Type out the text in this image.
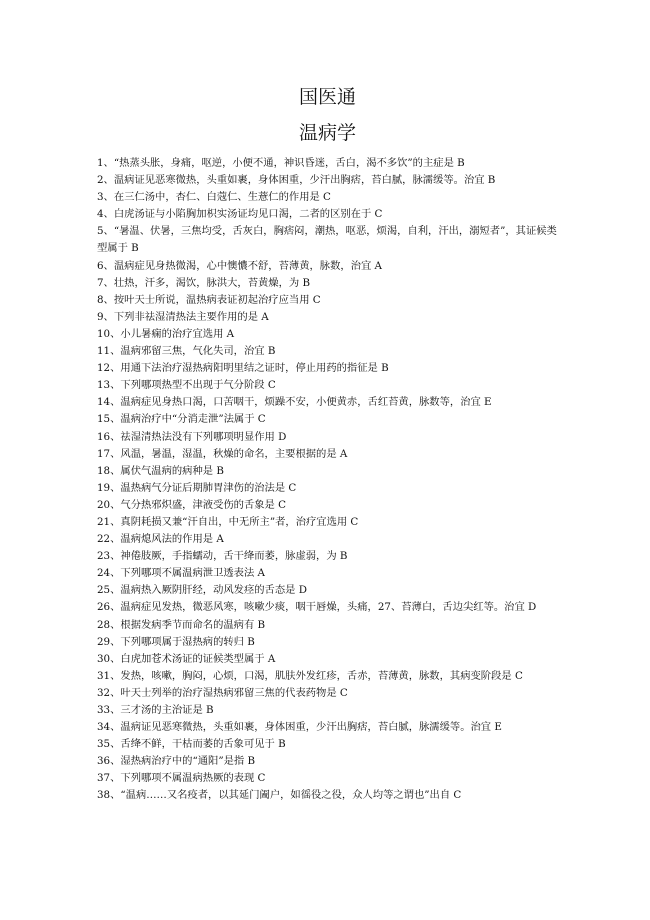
国医通
温病学
1、“热蒸头胀，身痛，呕逆，小便不通，神识昏迷，舌白，渴不多饮”的主症是 B
2、温病证见恶寒微热，头重如裹，身体困重，少汗出胸痞，苔白腻，脉濡缓等。治宜 B
3、在三仁汤中，杏仁、白蔻仁、生薏仁的作用是 C
4、白虎汤证与小陷胸加枳实汤证均见口渴，二者的区别在于 C
5、“暑温、伏暑，三焦均受，舌灰白，胸痞闷，潮热，呕恶，烦渴，自利，汗出，溺短者”，其证候类型属于 B
6、温病症见身热微渴，心中懊憹不舒，苔薄黄，脉数，治宜 A
7、壮热，汗多，渴饮，脉洪大，苔黄燥，为 B
8、按叶天士所说，温热病表证初起治疗应当用 C
9、下列非祛湿清热法主要作用的是 A
10、小儿暑痫的治疗宜选用 A
11、温病邪留三焦，气化失司，治宜 B
12、用通下法治疗湿热病阳明里结之证时，停止用药的指征是 B
13、下列哪项热型不出现于气分阶段 C
14、温病症见身热口渴，口苦咽干，烦躁不安，小便黄赤，舌红苔黄，脉数等，治宜 E
15、温病治疗中“分消走泄”法属于 C
16、祛湿清热法没有下列哪项明显作用 D
17、风温，暑温，湿温，秋燥的命名，主要根据的是 A
18、属伏气温病的病种是 B
19、温热病气分证后期肺胃津伤的治法是 C
20、气分热邪炽盛，津液受伤的舌象是 C
21、真阴耗损又兼“汗自出，中无所主”者，治疗宜选用 C
22、温病熄风法的作用是 A
23、神倦肢厥，手指蠕动，舌干绛而萎，脉虚弱，为 B
24、下列哪项不属温病泄卫透表法 A
25、温病热入厥阴肝经，动风发痉的舌态是 D
26、温病症见发热，微恶风寒，咳嗽少痰，咽干唇燥，头痛，27、苔薄白，舌边尖红等。治宜 D
28、根据发病季节而命名的温病有 B
29、下列哪项属于湿热病的转归 B
30、白虎加苍术汤证的证候类型属于 A
31、发热，咳嗽，胸闷，心烦，口渴，肌肤外发红疹，舌赤，苔薄黄，脉数，其病变阶段是 C
32、叶天士列举的治疗湿热病邪留三焦的代表药物是 C
33、三才汤的主治证是 B
34、温病证见恶寒微热，头重如裹，身体困重，少汗出胸痞，苔白腻，脉濡缓等。治宜 E
35、舌绛不鲜，干枯而萎的舌象可见于 B
36、湿热病治疗中的“通阳”是指 B
37、下列哪项不属温病热厥的表现 C
38、“温病……又名疫者，以其延门阖户，如徭役之役，众人均等之谓也”出自 C
